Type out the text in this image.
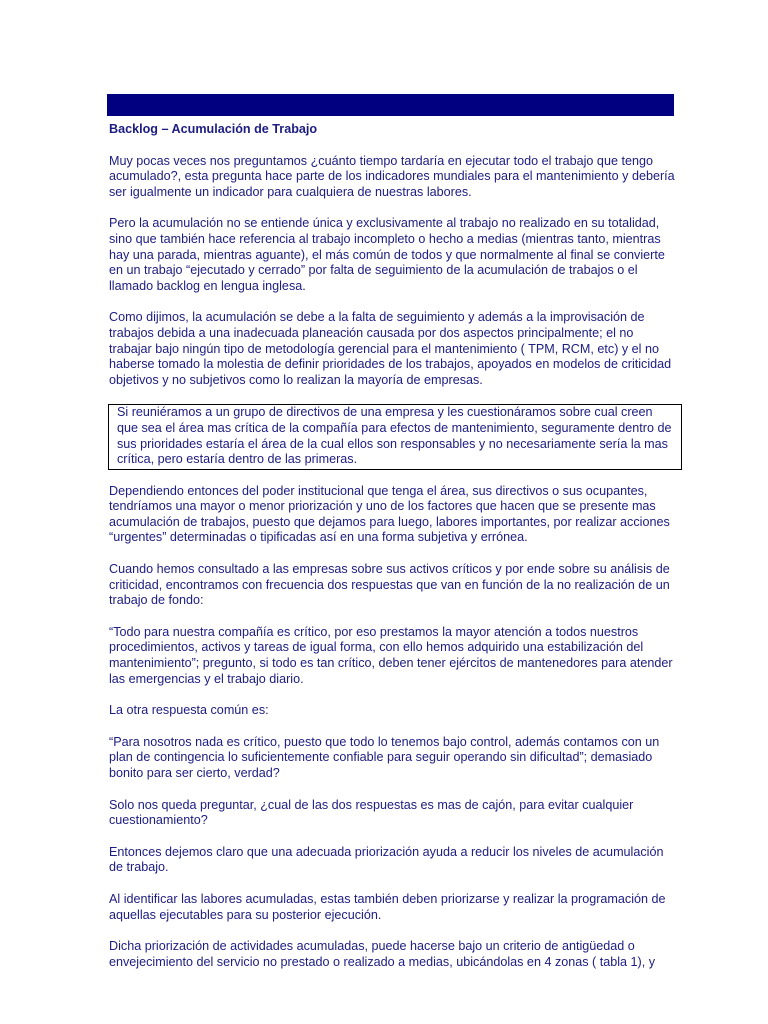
Backlog – Acumulación de Trabajo

Muy pocas veces nos preguntamos ¿cuánto tiempo tardaría en ejecutar todo el trabajo que tengo acumulado?, esta pregunta hace parte de los indicadores mundiales para el mantenimiento y debería ser igualmente un indicador para cualquiera de nuestras labores.

Pero la acumulación no se entiende única y exclusivamente al trabajo no realizado en su totalidad, sino que también hace referencia al trabajo incompleto o hecho a medias (mientras tanto, mientras hay una parada, mientras aguante), el más común de todos y que normalmente al final se convierte en un trabajo “ejecutado y cerrado” por falta de seguimiento de la acumulación de trabajos o el llamado backlog en lengua inglesa.

Como dijimos, la acumulación se debe a la falta de seguimiento y además a la improvisación de trabajos debida a una inadecuada planeación causada por dos aspectos principalmente; el no trabajar bajo ningún tipo de metodología gerencial para el mantenimiento ( TPM, RCM, etc) y el no haberse tomado la molestia de definir prioridades de los trabajos, apoyados en modelos de criticidad objetivos y no subjetivos como lo realizan la mayoría de empresas.

Si reuniéramos a un grupo de directivos de una empresa y les cuestionáramos sobre cual creen que sea el área mas crítica de la compañía para efectos de mantenimiento, seguramente dentro de sus prioridades estaría el área de la cual ellos son responsables y no necesariamente sería la mas crítica, pero estaría dentro de las primeras.

Dependiendo entonces del poder institucional que tenga el área, sus directivos o sus ocupantes, tendríamos una mayor o menor priorización y uno de los factores que hacen que se presente mas acumulación de trabajos, puesto que dejamos para luego, labores importantes, por realizar acciones “urgentes” determinadas o tipificadas así en una forma subjetiva y errónea.

Cuando hemos consultado a las empresas sobre sus activos críticos y por ende sobre su análisis de criticidad, encontramos con frecuencia dos respuestas que van en función de la no realización de un trabajo de fondo:

“Todo para nuestra compañía es crítico, por eso prestamos la mayor atención a todos nuestros procedimientos, activos y tareas de igual forma, con ello hemos adquirido una estabilización del mantenimiento”; pregunto, si todo es tan crítico, deben tener ejércitos de mantenedores para atender las emergencias y el trabajo diario.

La otra respuesta común es:

“Para nosotros nada es crítico, puesto que todo lo tenemos bajo control, además contamos con un plan de contingencia lo suficientemente confiable para seguir operando sin dificultad”; demasiado bonito para ser cierto, verdad?

Solo nos queda preguntar, ¿cual de las dos respuestas es mas de cajón, para evitar cualquier cuestionamiento?

Entonces dejemos claro que una adecuada priorización ayuda a reducir los niveles de acumulación de trabajo.

Al identificar las labores acumuladas, estas también deben priorizarse y realizar la programación de aquellas ejecutables para su posterior ejecución.

Dicha priorización de actividades acumuladas, puede hacerse bajo un criterio de antigüedad o envejecimiento del servicio no prestado o realizado a medias, ubicándolas en 4 zonas ( tabla 1), y
